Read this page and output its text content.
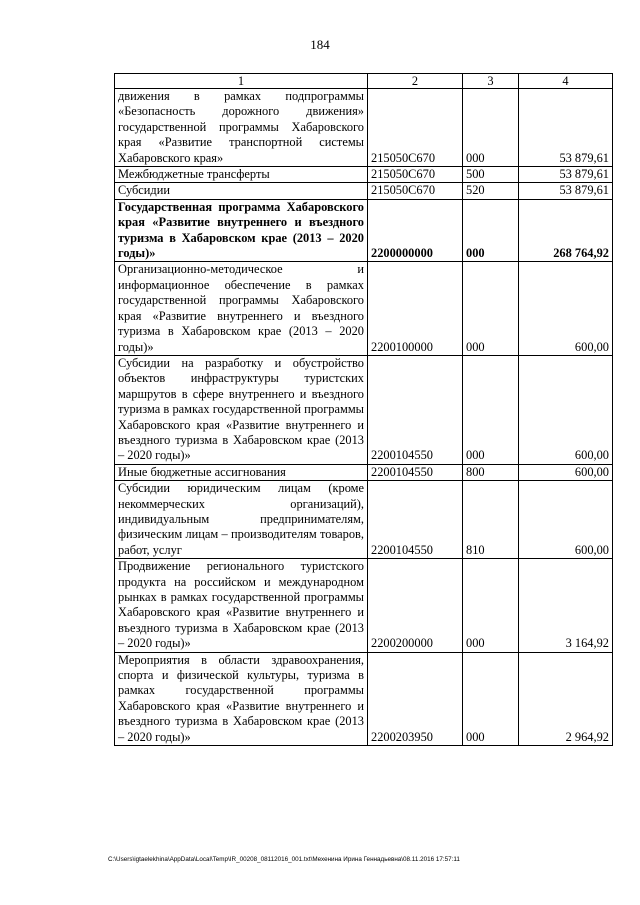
184
1	2	3	4
движения в рамках подпрограммы «Безопасность дорожного движения» государственной программы Хабаровского края «Развитие транспортной системы Хабаровского края»	215050С670	000	53 879,61
Межбюджетные трансферты	215050С670	500	53 879,61
Субсидии	215050С670	520	53 879,61
Государственная программа Хабаровского края «Развитие внутреннего и въездного туризма в Хабаровском крае (2013 – 2020 годы)»	2200000000	000	268 764,92
Организационно-методическое и информационное обеспечение в рамках государственной программы Хабаровского края «Развитие внутреннего и въездного туризма в Хабаровском крае (2013 – 2020 годы)»	2200100000	000	600,00
Субсидии на разработку и обустройство объектов инфраструктуры туристских маршрутов в сфере внутреннего и въездного туризма в рамках государственной программы Хабаровского края «Развитие внутреннего и въездного туризма в Хабаровском крае (2013 – 2020 годы)»	2200104550	000	600,00
Иные бюджетные ассигнования	2200104550	800	600,00
Субсидии юридическим лицам (кроме некоммерческих организаций), индивидуальным предпринимателям, физическим лицам – производителям товаров, работ, услуг	2200104550	810	600,00
Продвижение регионального туристского продукта на российском и международном рынках в рамках государственной программы Хабаровского края «Развитие внутреннего и въездного туризма в Хабаровском крае (2013 – 2020 годы)»	2200200000	000	3 164,92
Мероприятия в области здравоохранения, спорта и физической культуры, туризма в рамках государственной программы Хабаровского края «Развитие внутреннего и въездного туризма в Хабаровском крае (2013 – 2020 годы)»	2200203950	000	2 964,92
C:\Users\igtaelekhina\AppData\Local\Temp\IR_00208_08112016_001.txt\Мехенина Ирина Геннадьевна\08.11.2016 17:57:11
